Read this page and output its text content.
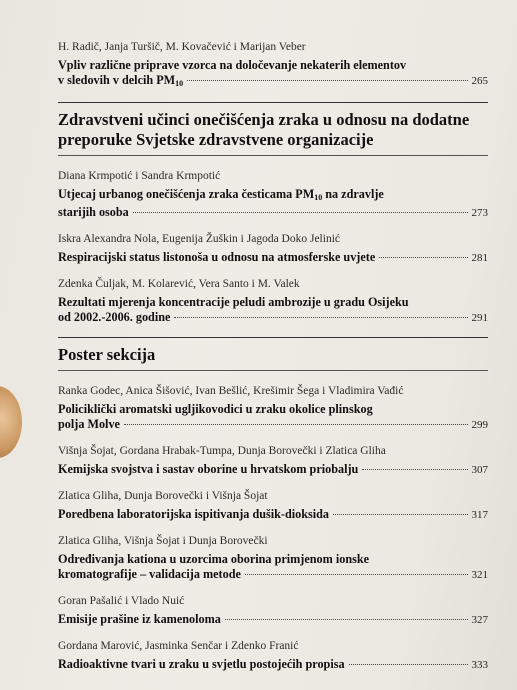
H. Radič, Janja Turšič, M. Kovačević i Marijan Veber
Vpliv različne priprave vzorca na določevanje nekaterih elementov
v sledovih v delcih $PM_{10}$	265
Zdravstveni učinci onečišćenja zraka u odnosu na dodatne
preporuke Svjetske zdravstvene organizacije
Diana Krmpotić i Sandra Krmpotić
Utjecaj urbanog onečišćenja zraka česticama $PM_{10}$ na zdravlje
starijih osoba	273
Iskra Alexandra Nola, Eugenija Žuškin i Jagoda Doko Jelinić
Respiracijski status listonoša u odnosu na atmosferske uvjete	281
Zdenka Čuljak, M. Kolarević, Vera Santo i M. Valek
Rezultati mjerenja koncentracije peludi ambrozije u gradu Osijeku
od 2002.-2006. godine	291
Poster sekcija
Ranka Godec, Anica Šišović, Ivan Bešlić, Krešimir Šega i Vladimira Vađić
Policiklički aromatski ugljikovodici u zraku okolice plinskog
polja Molve	299
Višnja Šojat, Gordana Hrabak-Tumpa, Dunja Borovečki i Zlatica Gliha
Kemijska svojstva i sastav oborine u hrvatskom priobalju	307
Zlatica Gliha, Dunja Borovečki i Višnja Šojat
Poredbena laboratorijska ispitivanja dušik-dioksida	317
Zlatica Gliha, Višnja Šojat i Dunja Borovečki
Određivanja kationa u uzorcima oborina primjenom ionske
kromatografije – validacija metode	321
Goran Pašalić i Vlado Nuić
Emisije prašine iz kamenoloma	327
Gordana Marović, Jasminka Senčar i Zdenko Franić
Radioaktivne tvari u zraku u svjetlu postojećih propisa	333
